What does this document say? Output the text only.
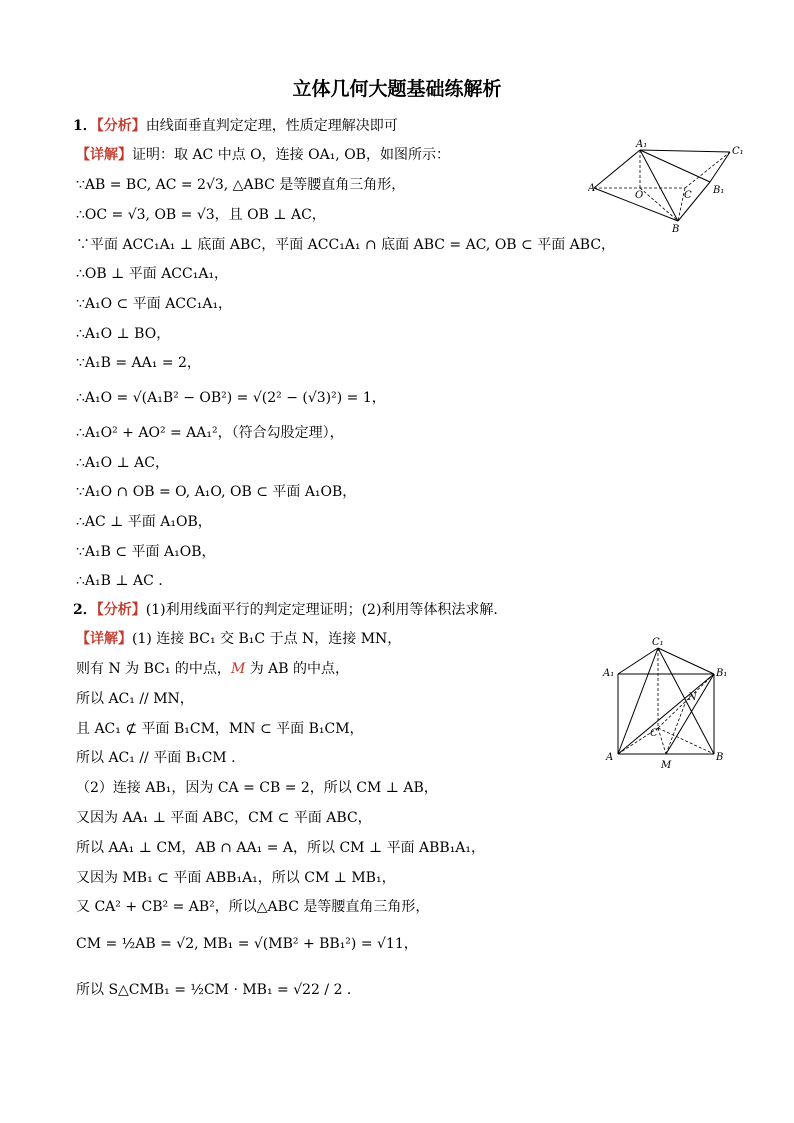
立体几何大题基础练解析
1．【分析】由线面垂直判定定理，性质定理解决即可
【详解】证明：取 AC 中点 O，连接 OA₁, OB，如图所示：
∵AB = BC, AC = 2√3, △ABC 是等腰直角三角形，
∴OC = √3, OB = √3，且 OB ⊥ AC，
∵平面 ACC₁A₁ ⊥ 底面 ABC，平面 ACC₁A₁ ∩ 底面 ABC = AC, OB ⊂ 平面 ABC，
∴OB ⊥ 平面 ACC₁A₁，
∵A₁O ⊂ 平面 ACC₁A₁，
∴A₁O ⊥ BO，
∵A₁B = AA₁ = 2，
∴A₁O = √(A₁B² − OB²) = √(2² − (√3)²) = 1，
∴A₁O² + AO² = AA₁²，（符合勾股定理），
∴A₁O ⊥ AC，
∵A₁O ∩ OB = O, A₁O, OB ⊂ 平面 A₁OB，
∴AC ⊥ 平面 A₁OB，
∵A₁B ⊂ 平面 A₁OB，
∴A₁B ⊥ AC .
A₁
C₁
A
O	C B₁
B
2．【分析】(1)利用线面平行的判定定理证明；(2)利用等体积法求解.
【详解】(1) 连接 BC₁ 交 B₁C 于点 N，连接 MN，
则有 N 为 BC₁ 的中点，M 为 AB 的中点，
所以 AC₁ // MN，
且 AC₁ ⊄ 平面 B₁CM，MN ⊂ 平面 B₁CM，
所以 AC₁ // 平面 B₁CM .
（2）连接 AB₁，因为 CA = CB = 2，所以 CM ⊥ AB，
又因为 AA₁ ⊥ 平面 ABC，CM ⊂ 平面 ABC，
所以 AA₁ ⊥ CM，AB ∩ AA₁ = A，所以 CM ⊥ 平面 ABB₁A₁，
又因为 MB₁ ⊂ 平面 ABB₁A₁，所以 CM ⊥ MB₁，
又 CA² + CB² = AB²，所以△ABC 是等腰直角三角形，
CM = ½AB = √2, MB₁ = √(MB² + BB₁²) = √11，
所以 S△CMB₁ = ½CM · MB₁ = √22 / 2 .
C₁
A₁	B₁
N
C
A
M
B
